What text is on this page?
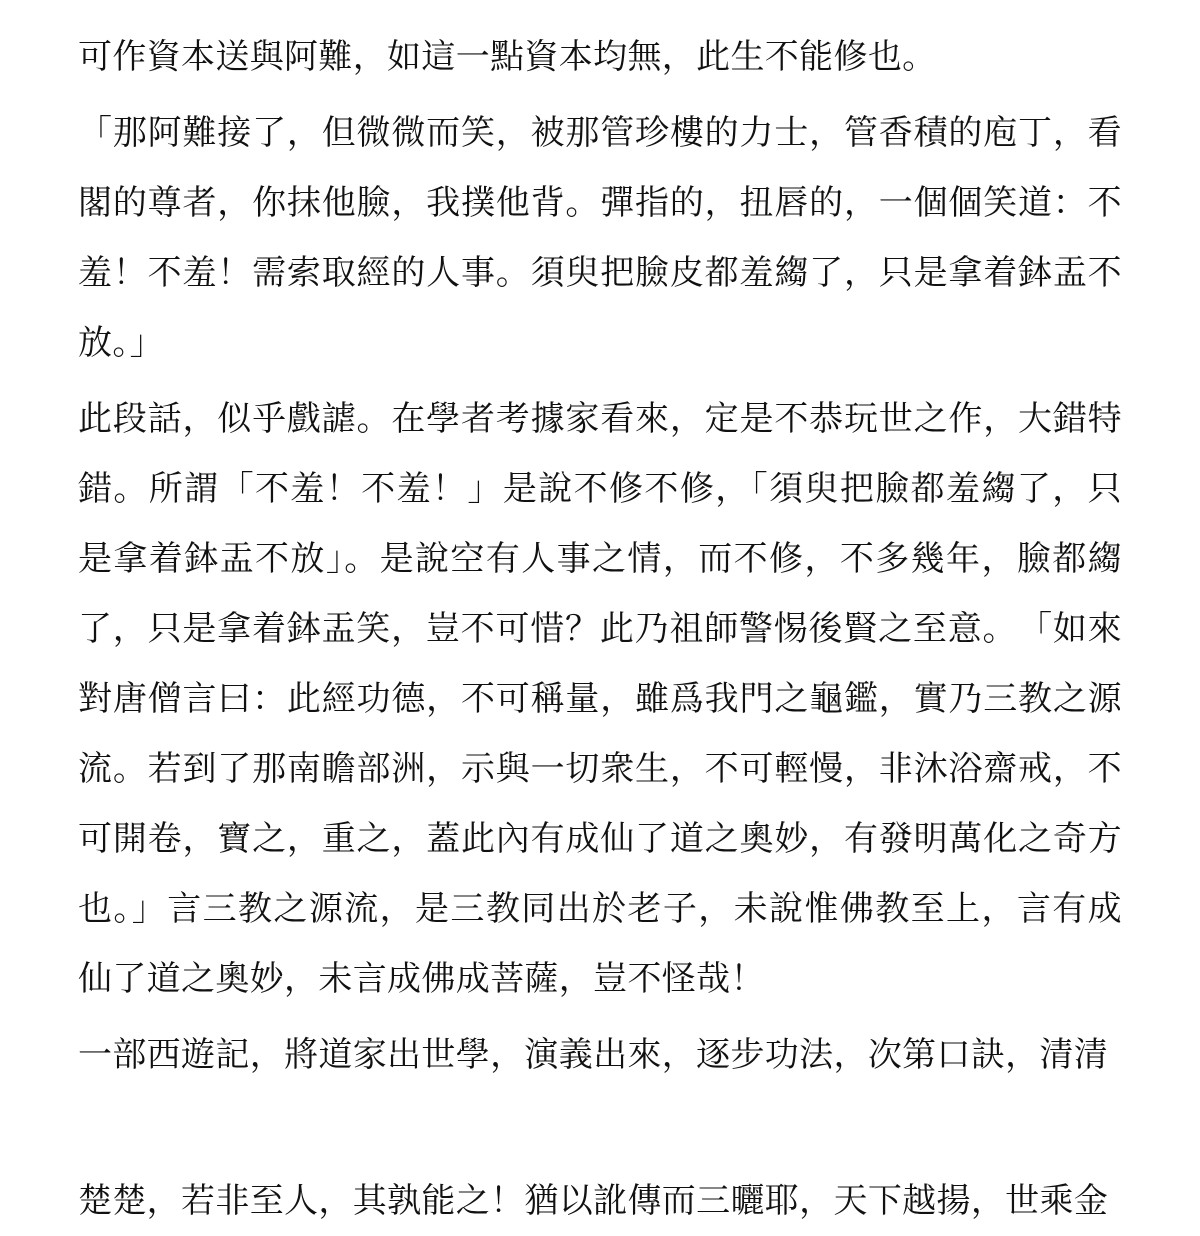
可作資本送與阿難，如這一點資本均無，此生不能修也。

「那阿難接了，但微微而笑，被那管珍樓的力士，管香積的庖丁，看閣的尊者，你抹他臉，我撲他背。彈指的，扭唇的，一個個笑道：不羞！不羞！需索取經的人事。須臾把臉皮都羞縐了，只是拿着鉢盂不放。」

此段話，似乎戲謔。在學者考據家看來，定是不恭玩世之作，大錯特錯。所謂「不羞！不羞！」是說不修不修，「須臾把臉都羞縐了，只是拿着鉢盂不放」。是說空有人事之情，而不修，不多幾年，臉都縐了，只是拿着鉢盂笑，豈不可惜？此乃祖師警惕後賢之至意。　「如來對唐僧言曰：此經功德，不可稱量，雖爲我門之龜鑑，實乃三教之源流。若到了那南瞻部洲，示與一切衆生，不可輕慢，非沐浴齋戒，不可開卷，寶之，重之，蓋此內有成仙了道之奧妙，有發明萬化之奇方也。」言三教之源流，是三教同出於老子，未說惟佛教至上，言有成仙了道之奧妙，未言成佛成菩薩，豈不怪哉！

一部西遊記，將道家出世學，演義出來，逐步功法，次第口訣，清清

楚楚，若非至人，其孰能之！猶以訛傳而三曬耶，天下越揚，世乘金
